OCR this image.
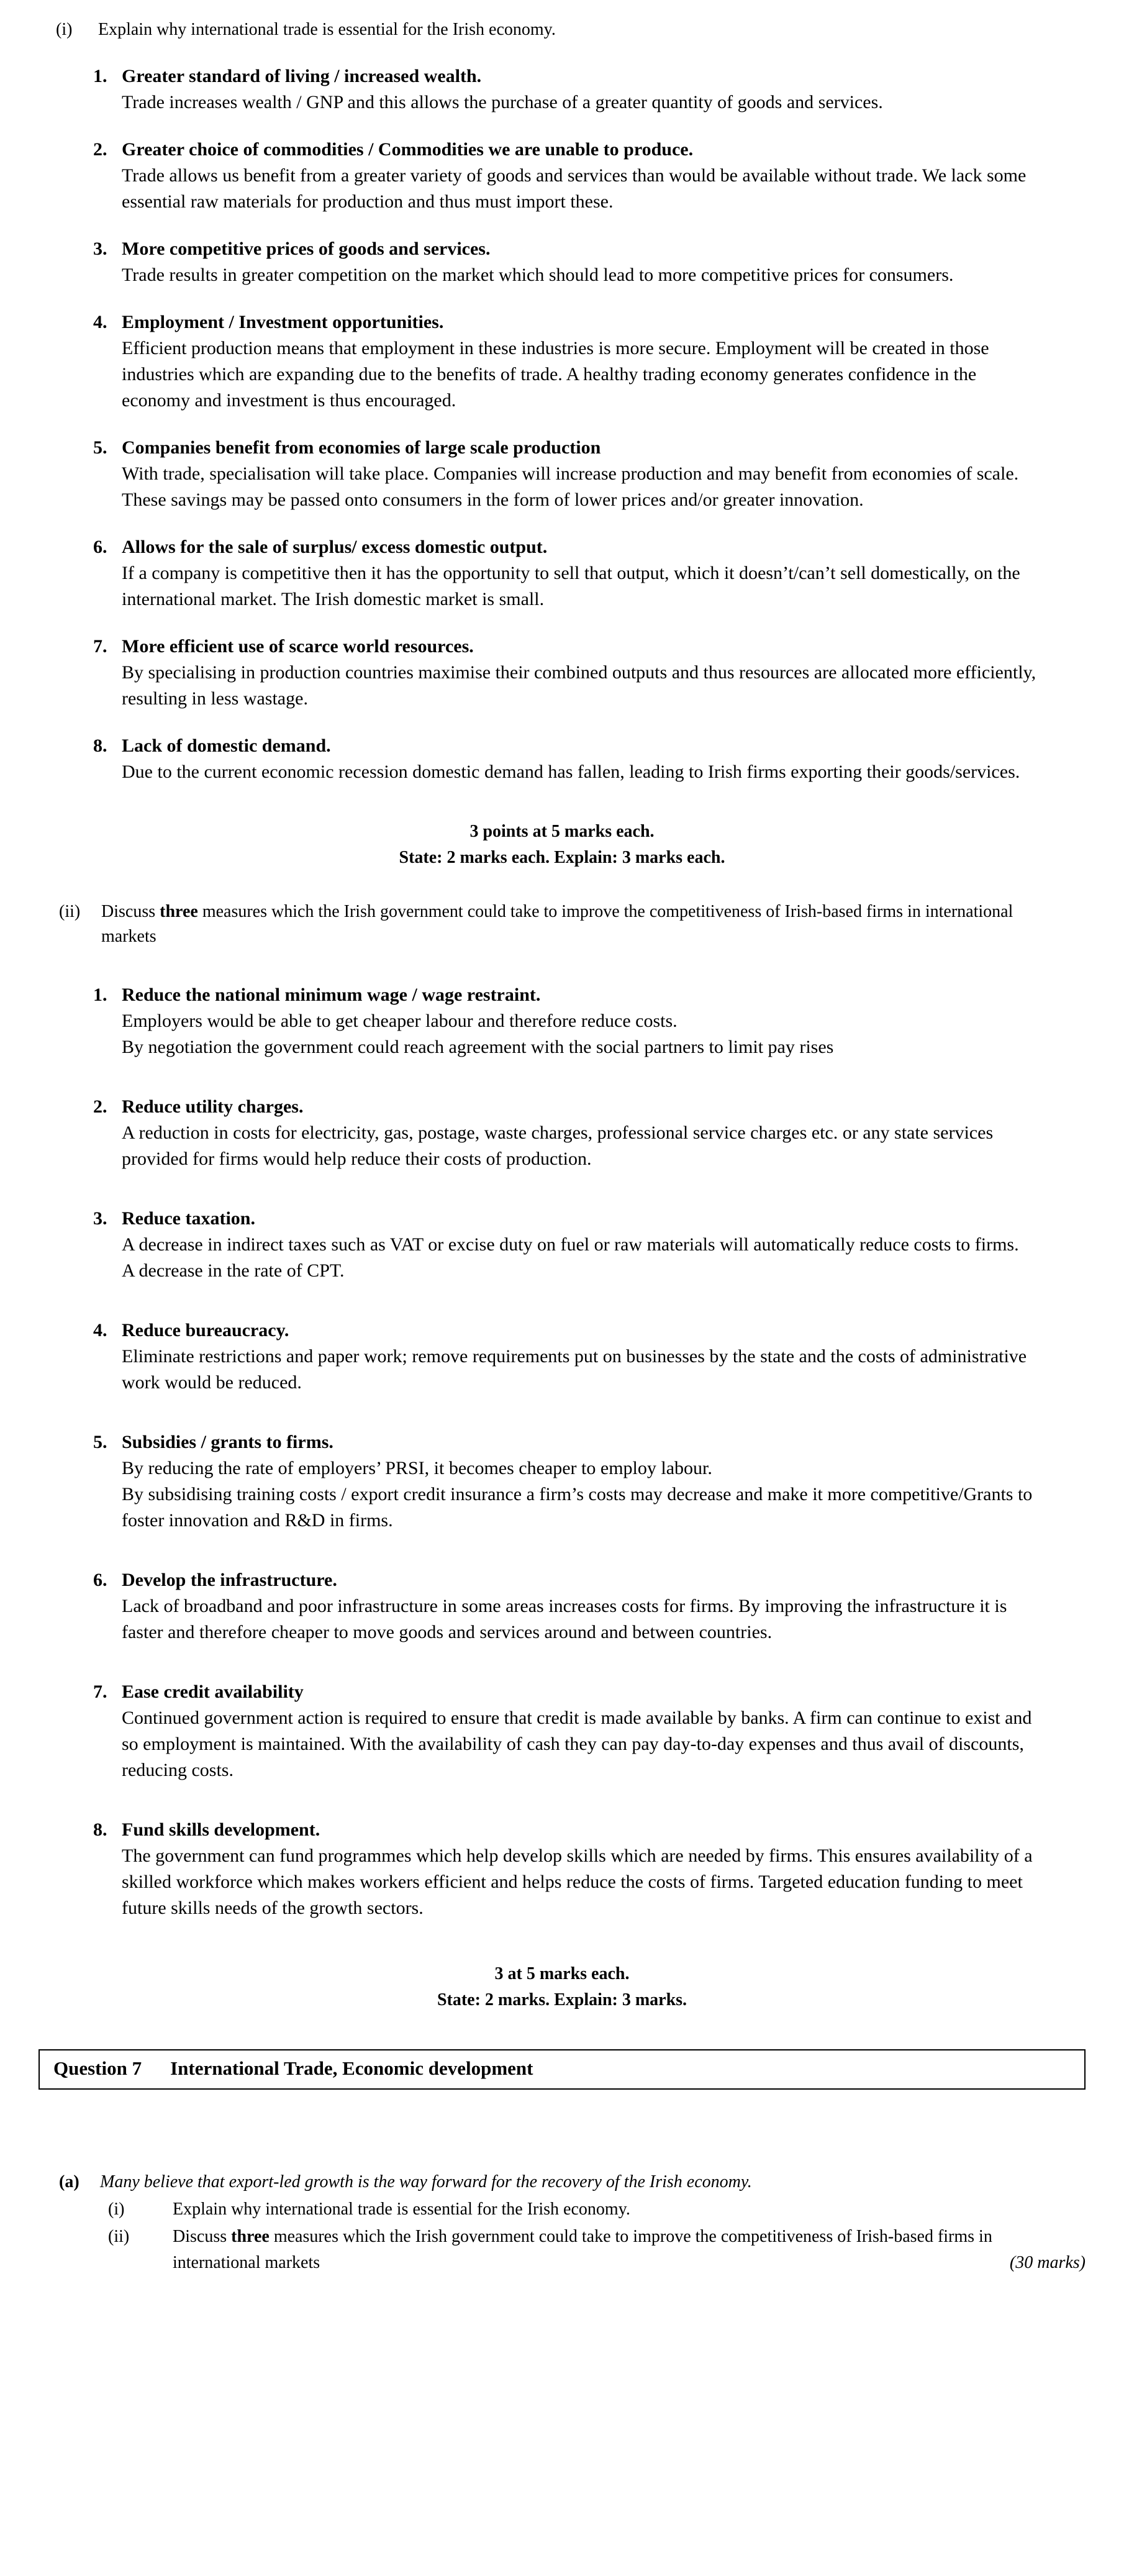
(i)	Explain why international trade is essential for the Irish economy.
1. Greater standard of living / increased wealth.
Trade increases wealth / GNP and this allows the purchase of a greater quantity of goods and services.
2. Greater choice of commodities / Commodities we are unable to produce.
Trade allows us benefit from a greater variety of goods and services than would be available without trade. We lack some essential raw materials for production and thus must import these.
3. More competitive prices of goods and services.
Trade results in greater competition on the market which should lead to more competitive prices for consumers.
4. Employment / Investment opportunities.
Efficient production means that employment in these industries is more secure. Employment will be created in those industries which are expanding due to the benefits of trade. A healthy trading economy generates confidence in the economy and investment is thus encouraged.
5. Companies benefit from economies of large scale production
With trade, specialisation will take place. Companies will increase production and may benefit from economies of scale. These savings may be passed onto consumers in the form of lower prices and/or greater innovation.
6. Allows for the sale of surplus/ excess domestic output.
If a company is competitive then it has the opportunity to sell that output, which it doesn’t/can’t sell domestically, on the international market. The Irish domestic market is small.
7. More efficient use of scarce world resources.
By specialising in production countries maximise their combined outputs and thus resources are allocated more efficiently, resulting in less wastage.
8. Lack of domestic demand.
Due to the current economic recession domestic demand has fallen, leading to Irish firms exporting their goods/services.
3 points at 5 marks each.
State: 2 marks each. Explain: 3 marks each.
(ii)	Discuss three measures which the Irish government could take to improve the competitiveness of Irish-based firms in international markets
1. Reduce the national minimum wage / wage restraint.
Employers would be able to get cheaper labour and therefore reduce costs.
By negotiation the government could reach agreement with the social partners to limit pay rises
2. Reduce utility charges.
A reduction in costs for electricity, gas, postage, waste charges, professional service charges etc. or any state services provided for firms would help reduce their costs of production.
3. Reduce taxation.
A decrease in indirect taxes such as VAT or excise duty on fuel or raw materials will automatically reduce costs to firms.
A decrease in the rate of CPT.
4. Reduce bureaucracy.
Eliminate restrictions and paper work; remove requirements put on businesses by the state and the costs of administrative work would be reduced.
5. Subsidies / grants to firms.
By reducing the rate of employers’ PRSI, it becomes cheaper to employ labour.
By subsidising training costs / export credit insurance a firm’s costs may decrease and make it more competitive/Grants to foster innovation and R&D in firms.
6. Develop the infrastructure.
Lack of broadband and poor infrastructure in some areas increases costs for firms. By improving the infrastructure it is faster and therefore cheaper to move goods and services around and between countries.
7. Ease credit availability
Continued government action is required to ensure that credit is made available by banks. A firm can continue to exist and so employment is maintained. With the availability of cash they can pay day-to-day expenses and thus avail of discounts, reducing costs.
8. Fund skills development.
The government can fund programmes which help develop skills which are needed by firms. This ensures availability of a skilled workforce which makes workers efficient and helps reduce the costs of firms. Targeted education funding to meet future skills needs of the growth sectors.
3 at 5 marks each.
State: 2 marks. Explain: 3 marks.
Question 7 International Trade, Economic development
(a)	Many believe that export-led growth is the way forward for the recovery of the Irish economy.
(i)	Explain why international trade is essential for the Irish economy.
(ii)	Discuss three measures which the Irish government could take to improve the competitiveness of Irish-based firms in international markets	(30 marks)
